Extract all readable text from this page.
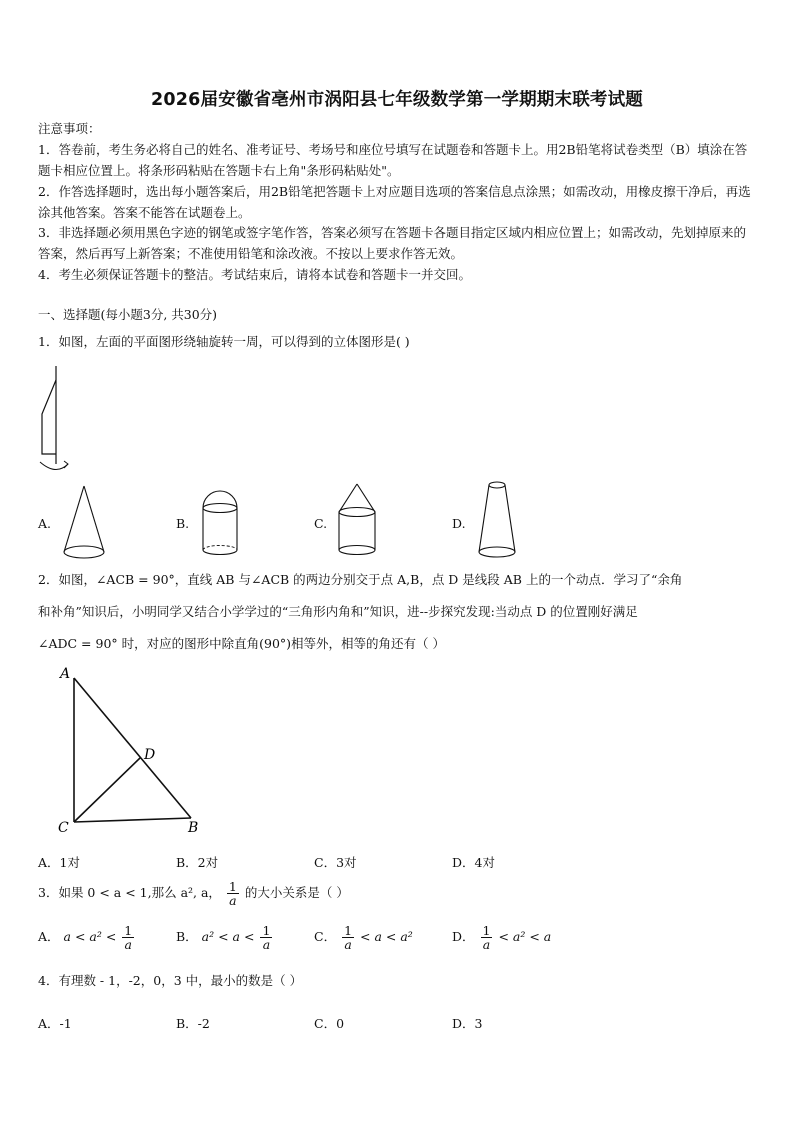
2026届安徽省亳州市涡阳县七年级数学第一学期期末联考试题
注意事项：
1．答卷前，考生务必将自己的姓名、准考证号、考场号和座位号填写在试题卷和答题卡上。用2B铅笔将试卷类型（B）填涂在答题卡相应位置上。将条形码粘贴在答题卡右上角"条形码粘贴处"。
2．作答选择题时，选出每小题答案后，用2B铅笔把答题卡上对应题目选项的答案信息点涂黑；如需改动，用橡皮擦干净后，再选涂其他答案。答案不能答在试题卷上。
3．非选择题必须用黑色字迹的钢笔或签字笔作答，答案必须写在答题卡各题目指定区域内相应位置上；如需改动，先划掉原来的答案，然后再写上新答案；不准使用铅笔和涂改液。不按以上要求作答无效。
4．考生必须保证答题卡的整洁。考试结束后，请将本试卷和答题卡一并交回。
一、选择题(每小题3分, 共30分)
1．如图，左面的平面图形绕轴旋转一周，可以得到的立体图形是( )
A.	B.	C.	D.
2．如图，∠ACB = 90°，直线 AB 与∠ACB 的两边分别交于点 A,B，点 D 是线段 AB 上的一个动点．学习了“余角
和补角”知识后，小明同学又结合小学学过的“三角形内角和”知识，进--步探究发现:当动点 D 的位置刚好满足
∠ADC = 90° 时，对应的图形中除直角(90°)相等外，相等的角还有（ ）
A
D
C	B
A．1对	B．2对	C．3对	D．4对
3．如果 0 < a < 1,那么 a², a， $\frac{1}{a}$ 的大小关系是（ ）
A． $a < a^2 < \frac{1}{a}$	B． $a^2 < a < \frac{1}{a}$	C． $\frac{1}{a} < a < a^2$	D． $\frac{1}{a} < a^2 < a$
4．有理数 - 1，-2，0，3 中，最小的数是（ ）
A．-1	B．-2	C．0	D．3
